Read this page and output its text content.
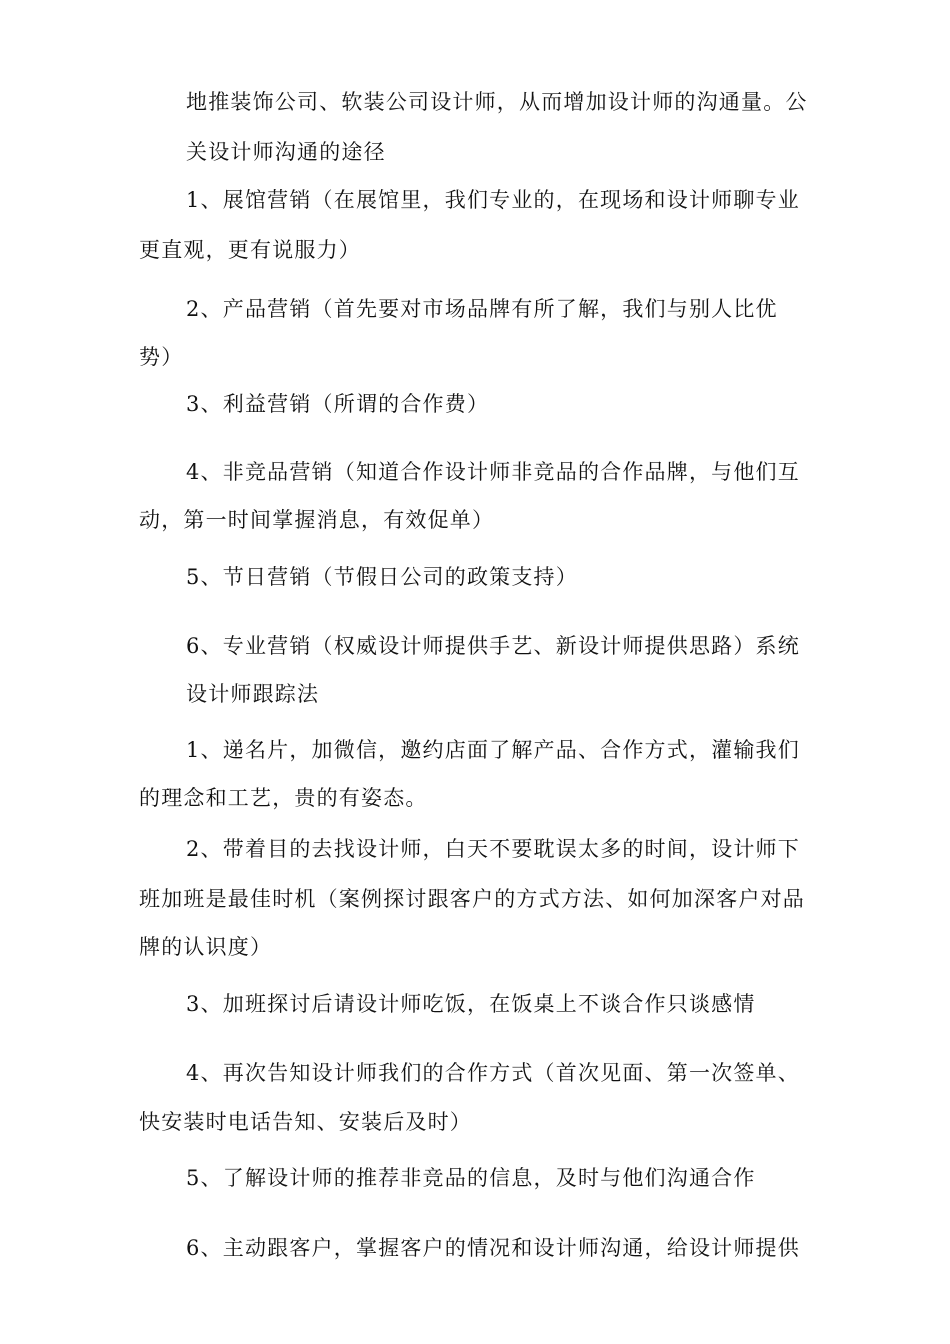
地推装饰公司、软装公司设计师，从而增加设计师的沟通量。公
关设计师沟通的途径
1、展馆营销（在展馆里，我们专业的，在现场和设计师聊专业
更直观，更有说服力）
2、产品营销（首先要对市场品牌有所了解，我们与别人比优
势）
3、利益营销（所谓的合作费）
4、非竞品营销（知道合作设计师非竞品的合作品牌，与他们互
动，第一时间掌握消息，有效促单）
5、节日营销（节假日公司的政策支持）
6、专业营销（权威设计师提供手艺、新设计师提供思路）系统
设计师跟踪法
1、递名片，加微信，邀约店面了解产品、合作方式，灌输我们
的理念和工艺，贵的有姿态。
2、带着目的去找设计师，白天不要耽误太多的时间，设计师下
班加班是最佳时机（案例探讨跟客户的方式方法、如何加深客户对品
牌的认识度）
3、加班探讨后请设计师吃饭，在饭桌上不谈合作只谈感情
4、再次告知设计师我们的合作方式（首次见面、第一次签单、
快安装时电话告知、安装后及时）
5、了解设计师的推荐非竞品的信息，及时与他们沟通合作
6、主动跟客户，掌握客户的情况和设计师沟通，给设计师提供
